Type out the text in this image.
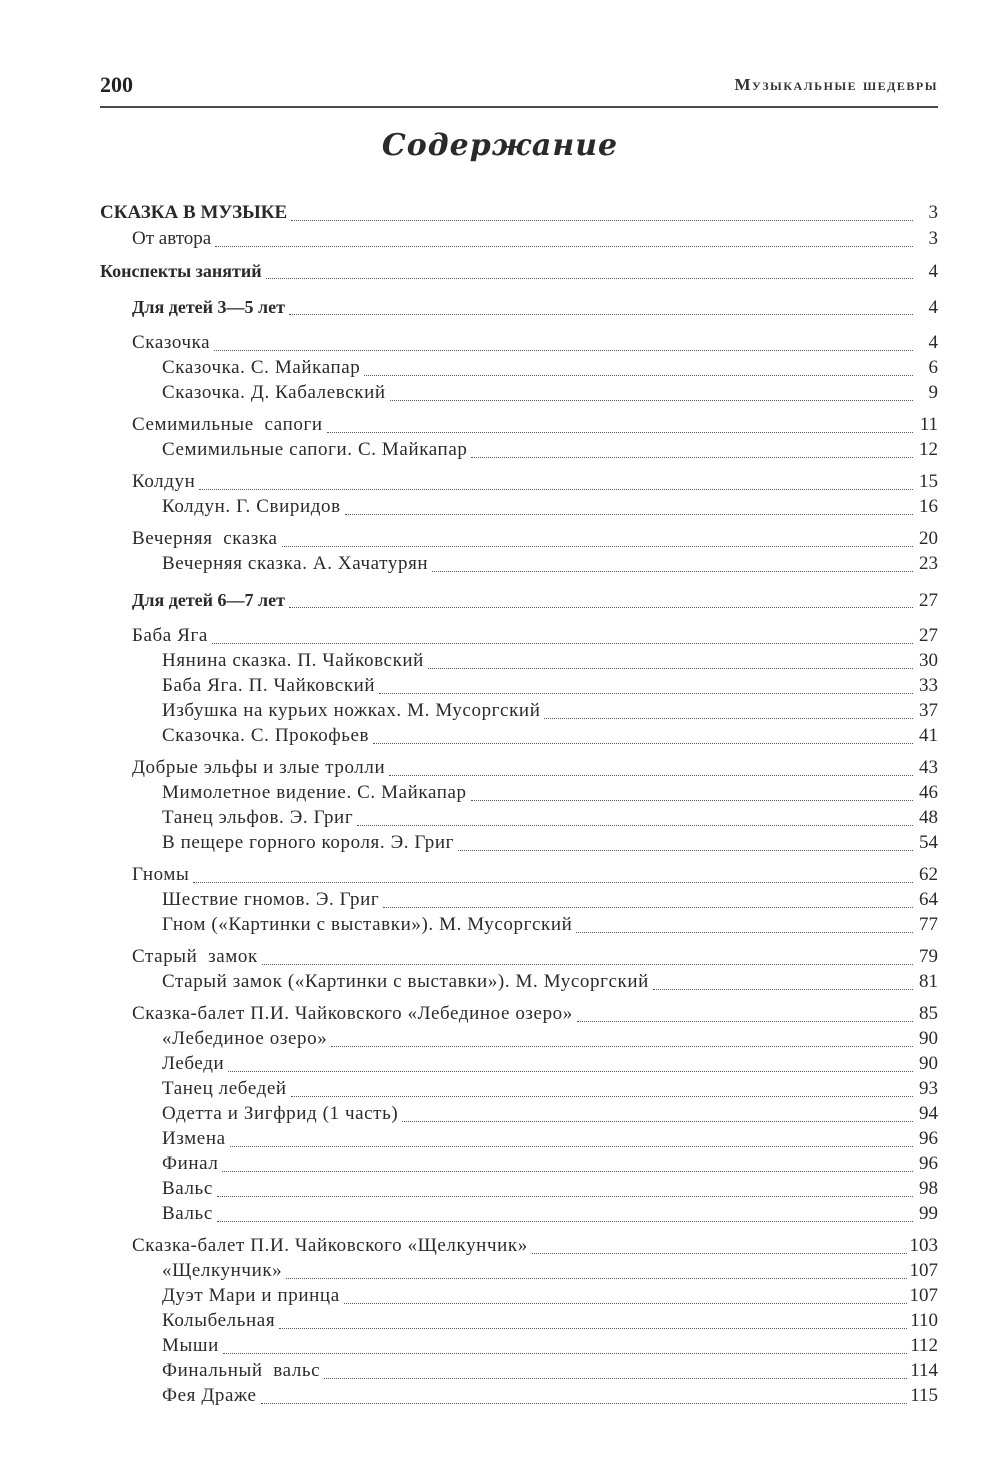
200	Музыкальные шедевры
Содержание
СКАЗКА В МУЗЫКЕ	3
От автора	3
Конспекты занятий	4
Для детей 3—5 лет	4
Сказочка	4
Сказочка. С. Майкапар	6
Сказочка. Д. Кабалевский	9
Семимильные  сапоги	11
Семимильные сапоги. С. Майкапар	12
Колдун	15
Колдун. Г. Свиридов	16
Вечерняя  сказка	20
Вечерняя сказка. А. Хачатурян	23
Для детей 6—7 лет	27
Баба Яга	27
Нянина сказка. П. Чайковский	30
Баба Яга. П. Чайковский	33
Избушка на курьих ножках. М. Мусоргский	37
Сказочка. С. Прокофьев	41
Добрые эльфы и злые тролли	43
Мимолетное видение. С. Майкапар	46
Танец эльфов. Э. Григ	48
В пещере горного короля. Э. Григ	54
Гномы	62
Шествие гномов. Э. Григ	64
Гном («Картинки с выставки»). М. Мусоргский	77
Старый  замок	79
Старый замок («Картинки с выставки»). М. Мусоргский	81
Сказка-балет П.И. Чайковского «Лебединое озеро»	85
«Лебединое озеро»	90
Лебеди	90
Танец лебедей	93
Одетта и Зигфрид (1 часть)	94
Измена	96
Финал	96
Вальс	98
Вальс	99
Сказка-балет П.И. Чайковского «Щелкунчик»	103
«Щелкунчик»	107
Дуэт Мари и принца	107
Колыбельная	110
Мыши	112
Финальный  вальс	114
Фея Драже	115
